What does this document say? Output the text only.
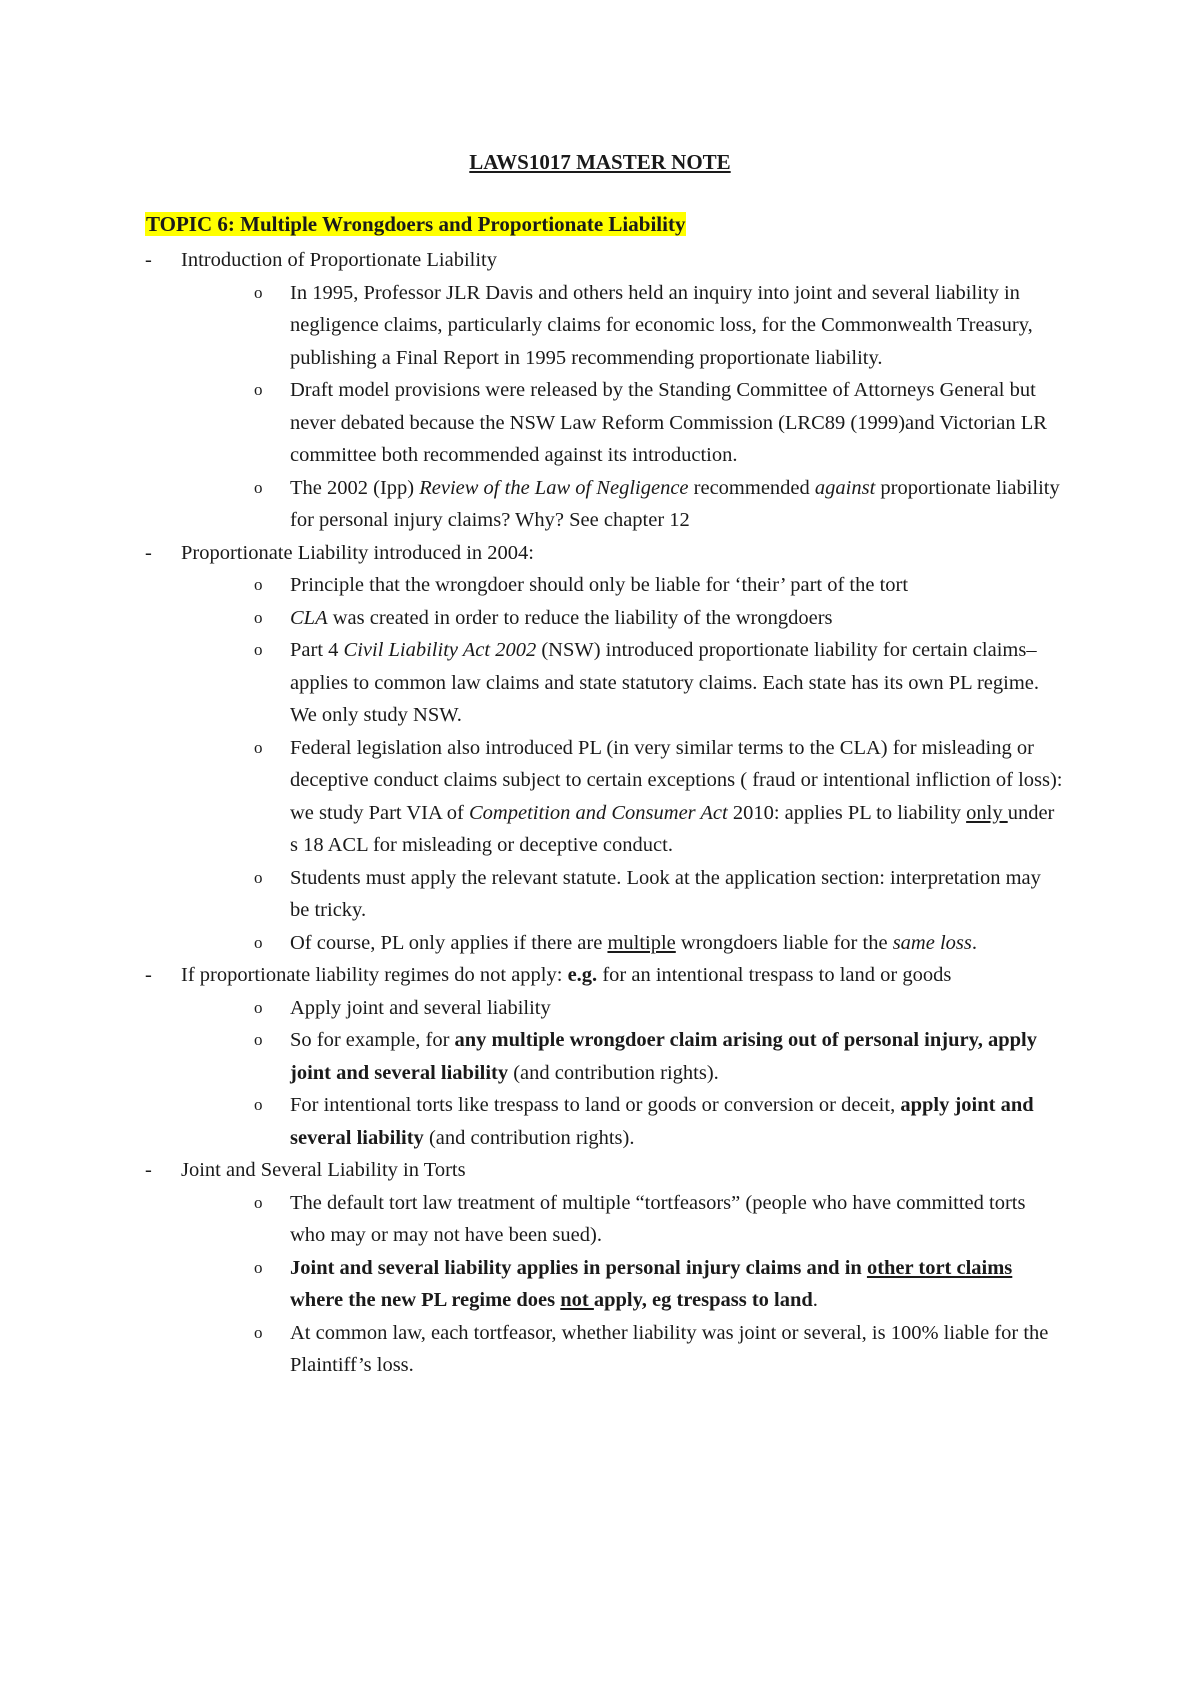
LAWS1017 MASTER NOTE
TOPIC 6: Multiple Wrongdoers and Proportionate Liability
- Introduction of Proportionate Liability
o In 1995, Professor JLR Davis and others held an inquiry into joint and several liability in negligence claims, particularly claims for economic loss, for the Commonwealth Treasury, publishing a Final Report in 1995 recommending proportionate liability.
o Draft model provisions were released by the Standing Committee of Attorneys General but never debated because the NSW Law Reform Commission (LRC89 (1999)and Victorian LR committee both recommended against its introduction.
o The 2002 (Ipp) Review of the Law of Negligence recommended against proportionate liability for personal injury claims? Why? See chapter 12
- Proportionate Liability introduced in 2004:
o Principle that the wrongdoer should only be liable for ‘their’ part of the tort
o CLA was created in order to reduce the liability of the wrongdoers
o Part 4 Civil Liability Act 2002 (NSW) introduced proportionate liability for certain claims– applies to common law claims and state statutory claims. Each state has its own PL regime. We only study NSW.
o Federal legislation also introduced PL (in very similar terms to the CLA) for misleading or deceptive conduct claims subject to certain exceptions ( fraud or intentional infliction of loss): we study Part VIA of Competition and Consumer Act 2010: applies PL to liability only under s 18 ACL for misleading or deceptive conduct.
o Students must apply the relevant statute. Look at the application section: interpretation may be tricky.
o Of course, PL only applies if there are multiple wrongdoers liable for the same loss.
- If proportionate liability regimes do not apply: e.g. for an intentional trespass to land or goods
o Apply joint and several liability
o So for example, for any multiple wrongdoer claim arising out of personal injury, apply joint and several liability (and contribution rights).
o For intentional torts like trespass to land or goods or conversion or deceit, apply joint and several liability (and contribution rights).
- Joint and Several Liability in Torts
o The default tort law treatment of multiple “tortfeasors” (people who have committed torts who may or may not have been sued).
o Joint and several liability applies in personal injury claims and in other tort claims where the new PL regime does not apply, eg trespass to land.
o At common law, each tortfeasor, whether liability was joint or several, is 100% liable for the Plaintiff’s loss.
